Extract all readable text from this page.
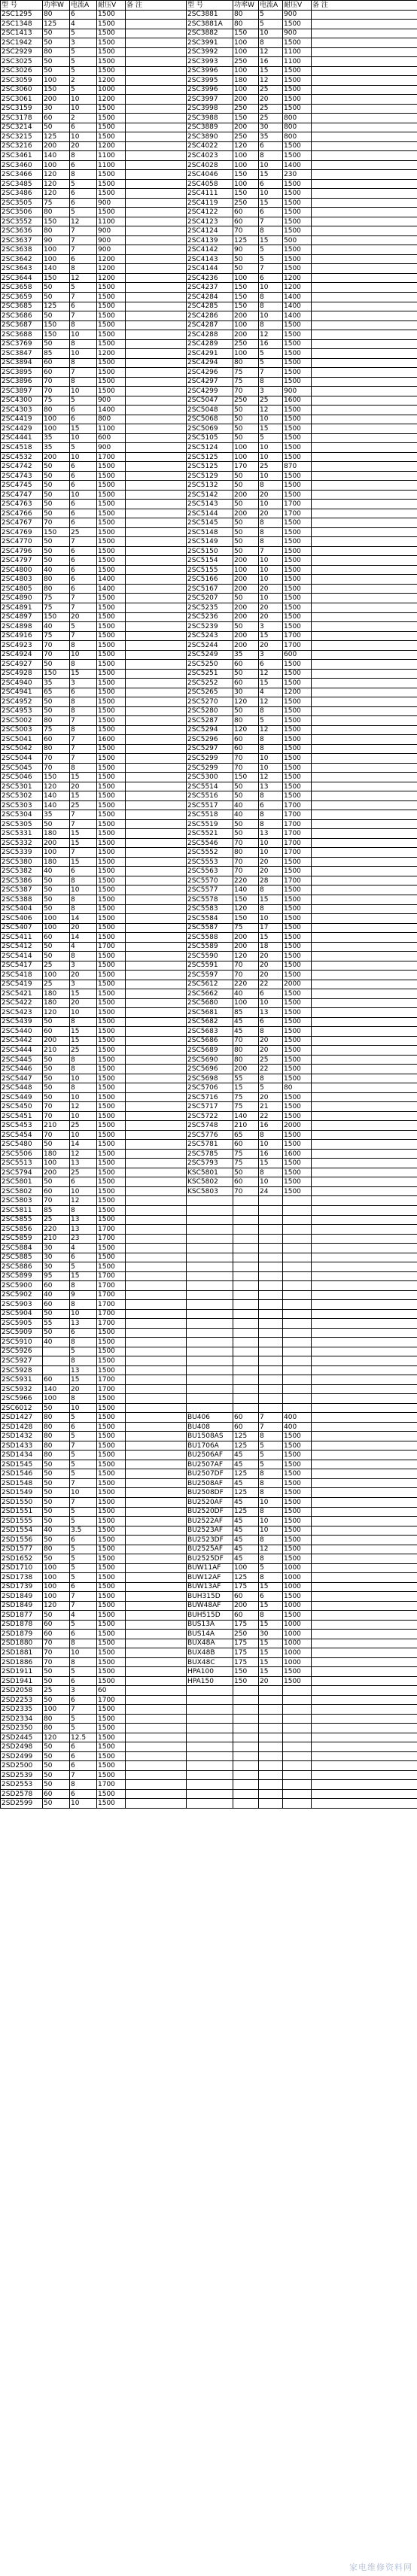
型 号	功率W	电流A	耐压V	备 注	型 号	功率W	电流A	耐压V	备 注
2SC1295	80	6	1500		2SC3881	80	5	900	
2SC1348	125	4	1500		2SC3881A	80	5	1500	
2SC1413	50	5	1500		2SC3882	150	10	900	
2SC1942	50	3	1500		2SC3991	100	8	1500	
2SC2929	80	5	1500		2SC3992	100	12	1100	
2SC3025	50	5	1500		2SC3993	250	16	1100	
2SC3026	50	5	1500		2SC3996	100	15	1500	
2SC3059	100	2	1200		2SC3995	180	12	1500	
2SC3060	150	5	1000		2SC3996	100	25	1500	
2SC3061	200	10	1200		2SC3997	200	20	1500	
2SC3159	30	10	1500		2SC3998	250	25	1500	
2SC3178	60	2	1500		2SC3988	150	25	800	
2SC3214	50	6	1500		2SC3889	200	30	800	
2SC3215	125	10	1500		2SC3890	250	35	800	
2SC3216	200	20	1200		2SC4022	120	6	1500	
2SC3461	140	8	1100		2SC4023	100	8	1500	
2SC3460	100	6	1100		2SC4028	100	10	1400	
2SC3466	120	8	1500		2SC4046	150	15	230	
2SC3485	120	5	1500		2SC4058	100	6	1500	
2SC3486	120	6	1500		2SC4111	150	10	1500	
2SC3505	75	6	900		2SC4119	250	15	1500	
2SC3506	80	5	1500		2SC4122	60	6	1500	
2SC3552	150	12	1100		2SC4123	60	7	1500	
2SC3636	80	7	900		2SC4124	70	8	1500	
2SC3637	90	7	900		2SC4139	125	15	500	
2SC3638	100	7	900		2SC4142	90	5	1500	
2SC3642	100	6	1200		2SC4143	50	5	1500	
2SC3643	140	8	1200		2SC4144	50	7	1500	
2SC3644	150	12	1200		2SC4236	100	6	1200	
2SC3658	50	5	1500		2SC4237	150	10	1200	
2SC3659	50	7	1500		2SC4284	150	8	1400	
2SC3685	125	6	1500		2SC4285	150	8	1400	
2SC3686	50	7	1500		2SC4286	200	10	1400	
2SC3687	150	8	1500		2SC4287	100	8	1500	
2SC3688	150	10	1500		2SC4288	200	12	1500	
2SC3769	50	8	1500		2SC4289	250	16	1500	
2SC3847	85	10	1200		2SC4291	100	5	1500	
2SC3894	60	8	1500		2SC4294	80	5	1500	
2SC3895	60	7	1500		2SC4296	75	7	1500	
2SC3896	70	8	1500		2SC4297	75	8	1500	
2SC3897	70	10	1500		2SC4299	70	3	900	
2SC4300	75	5	900		2SC5047	250	25	1600	
2SC4303	80	6	1400		2SC5048	50	12	1500	
2SC4419	100	6	800		2SC5068	50	10	1500	
2SC4429	100	15	1100		2SC5069	50	15	1500	
2SC4441	35	10	600		2SC5105	50	5	1500	
2SC4518	35	5	900		2SC5124	100	10	1500	
2SC4532	200	10	1700		2SC5125	100	10	1500	
2SC4742	50	6	1500		2SC5125	170	25	870	
2SC4743	50	6	1500		2SC5129	50	10	1500	
2SC4745	50	6	1500		2SC5132	50	8	1500	
2SC4747	50	10	1500		2SC5142	200	20	1500	
2SC4763	50	6	1500		2SC5143	50	10	1700	
2SC4766	50	6	1500		2SC5144	200	20	1700	
2SC4767	70	6	1500		2SC5145	50	8	1500	
2SC4769	150	25	1500		2SC5148	50	8	1500	
2SC4770	50	7	1500		2SC5149	50	8	1500	
2SC4796	50	6	1500		2SC5150	50	7	1500	
2SC4797	50	6	1500		2SC5154	200	10	1500	
2SC4800	40	6	1500		2SC5155	100	10	1500	
2SC4803	80	6	1400		2SC5166	200	10	1500	
2SC4805	80	6	1400		2SC5167	200	20	1500	
2SC4890	75	7	1500		2SC5207	50	10	1500	
2SC4891	75	7	1500		2SC5235	200	20	1500	
2SC4897	150	20	1500		2SC5236	200	20	1500	
2SC4898	40	5	1500		2SC5239	50	3	1500	
2SC4916	75	7	1500		2SC5243	200	15	1700	
2SC4923	70	8	1500		2SC5244	200	20	1700	
2SC4924	70	10	1500		2SC5249	35	3	600	
2SC4927	50	8	1500		2SC5250	60	6	1500	
2SC4928	150	15	1500		2SC5251	50	12	1500	
2SC4940	35	3	1500		2SC5252	60	15	1500	
2SC4941	65	6	1500		2SC5265	30	4	1200	
2SC4952	50	8	1500		2SC5270	120	12	1500	
2SC4953	50	8	1500		2SC5280	50	8	1500	
2SC5002	80	7	1500		2SC5287	80	5	1500	
2SC5003	75	8	1500		2SC5294	120	12	1500	
2SC5041	60	7	1600		2SC5296	60	8	1500	
2SC5042	80	7	1500		2SC5297	60	8	1500	
2SC5044	70	7	1500		2SC5299	70	10	1500	
2SC5045	70	8	1500		2SC5299	70	10	1500	
2SC5046	150	15	1500		2SC5300	150	12	1500	
2SC5301	120	20	1500		2SC5514	50	13	1500	
2SC5302	140	15	1500		2SC5516	50	8	1500	
2SC5303	140	25	1500		2SC5517	40	6	1700	
2SC5304	35	7	1500		2SC5518	40	8	1700	
2SC5305	50	7	1500		2SC5519	50	8	1700	
2SC5331	180	15	1500		2SC5521	50	13	1700	
2SC5332	200	15	1500		2SC5546	70	10	1700	
2SC5339	100	7	1500		2SC5552	80	10	1700	
2SC5380	180	15	1500		2SC5553	70	20	1500	
2SC5382	40	6	1500		2SC5563	70	20	1500	
2SC5386	50	8	1500		2SC5570	220	28	1700	
2SC5387	50	10	1500		2SC5577	140	8	1500	
2SC5388	50	8	1500		2SC5578	150	15	1500	
2SC5404	50	8	1500		2SC5583	120	8	1500	
2SC5406	100	14	1500		2SC5584	150	10	1500	
2SC5407	100	20	1500		2SC5587	75	17	1500	
2SC5411	60	14	1500		2SC5588	200	15	1500	
2SC5412	50	4	1700		2SC5589	200	18	1500	
2SC5414	50	8	1500		2SC5590	120	20	1500	
2SC5417	25	3	1500		2SC5591	70	20	1500	
2SC5418	100	20	1500		2SC5597	70	20	1500	
2SC5419	25	3	1500		2SC5612	220	22	2000	
2SC5421	180	15	1500		2SC5662	40	6	1500	
2SC5422	180	20	1500		2SC5680	100	10	1500	
2SC5423	120	10	1500		2SC5681	85	13	1500	
2SC5439	50	8	1500		2SC5682	45	6	1500	
2SC5440	60	15	1500		2SC5683	45	8	1500	
2SC5442	200	15	1500		2SC5686	70	20	1500	
2SC5444	210	25	1500		2SC5689	80	20	1500	
2SC5445	50	8	1500		2SC5690	80	25	1500	
2SC5446	50	8	1500		2SC5696	200	22	1500	
2SC5447	50	10	1500		2SC5698	55	8	1500	
2SC5448	50	8	1500		2SC5706	15	5	80	
2SC5449	50	10	1500		2SC5716	75	20	1500	
2SC5450	70	12	1500		2SC5717	75	21	1500	
2SC5451	70	10	1500		2SC5722	140	22	1500	
2SC5453	210	25	1500		2SC5748	210	16	2000	
2SC5454	70	10	1500		2SC5776	65	8	1500	
2SC5480	50	14	1500		2SC5781	60	10	1500	
2SC5506	180	12	1500		2SC5785	75	16	1600	
2SC5513	100	13	1500		2SC5793	75	15	1500	
2SC5794	200	25	1500		KSC5801	50	8	1500	
2SC5801	50	6	1500		KSC5802	60	10	1500	
2SC5802	60	10	1500		KSC5803	70	24	1500	
2SC5803	70	12	1500						
2SC5811	85	8	1500						
2SC5855	25	13	1500						
2SC5856	220	13	1700						
2SC5859	210	23	1700						
2SC5884	30	4	1500						
2SC5885	30	6	1500						
2SC5886	30	5	1500						
2SC5899	95	15	1700						
2SC5900	60	8	1700						
2SC5902	40	9	1700						
2SC5903	60	8	1700						
2SC5904	50	10	1700						
2SC5905	55	13	1700						
2SC5909	50	6	1500						
2SC5910	40	8	1500						
2SC5926		5	1500						
2SC5927		8	1500						
2SC5928		13	1500						
2SC5931	60	15	1700						
2SC5932	140	20	1700						
2SC5966	100	8	1500						
2SC6012	50	10	1500						
2SD1427	80	5	1500		BU406	60	7	400	
2SD1428	80	6	1500		BU408	60	7	400	
2SD1432	80	5	1500		BU1508AS	125	8	1500	
2SD1433	80	7	1500		BU1706A	125	5	1500	
2SD1434	80	5	1500		BU2506AF	45	5	1500	
2SD1545	50	5	1500		BU2507AF	45	5	1500	
2SD1546	50	5	1500		BU2507DF	125	8	1500	
2SD1548	50	7	1500		BU2508AF	45	8	1500	
2SD1549	50	10	1500		BU2508DF	125	8	1500	
2SD1550	50	7	1500		BU2520AF	45	10	1500	
2SD1551	50	5	1500		BU2520DF	125	8	1500	
2SD1555	50	5	1500		BU2522AF	45	10	1500	
2SD1554	40	3.5	1500		BU2523AF	45	10	1500	
2SD1556	50	6	1500		BU2523DF	45	8	1500	
2SD1577	80	5	1500		BU2525AF	45	12	1500	
2SD1652	50	5	1500		BU2525DF	45	8	1500	
2SD1710	100	5	1500		BUW11AF	100	5	1000	
2SD1738	100	5	1500		BUW12AF	125	8	1000	
2SD1739	100	6	1500		BUW13AF	175	15	1000	
2SD1849	100	7	1500		BUH315D	60	6	1500	
2SD1849	120	7	1500		BUW48AF	200	15	1000	
2SD1877	50	4	1500		BUH515D	60	8	1500	
2SD1878	60	5	1500		BUS13A	175	15	1000	
2SD1879	60	6	1500		BUS14A	250	30	1000	
2SD1880	70	8	1500		BUX48A	175	15	1000	
2SD1881	70	10	1500		BUX48B	175	15	1000	
2SD1886	70	8	1500		BUX48C	175	15	1000	
2SD1911	50	5	1500		HPA100	150	15	1500	
2SD1941	50	6	1500		HPA150	150	20	1500	
2SD2058	25	3	60						
2SD2253	50	6	1700						
2SD2335	100	7	1500						
2SD2334	80	5	1500						
2SD2350	80	5	1500						
2SD2445	120	12.5	1500						
2SD2498	50	6	1500						
2SD2499	50	6	1500						
2SD2500	50	6	1500						
2SD2539	50	7	1500						
2SD2553	50	8	1700						
2SD2578	60	6	1500						
2SD2599	50	10	1500						
家电维修资料网
